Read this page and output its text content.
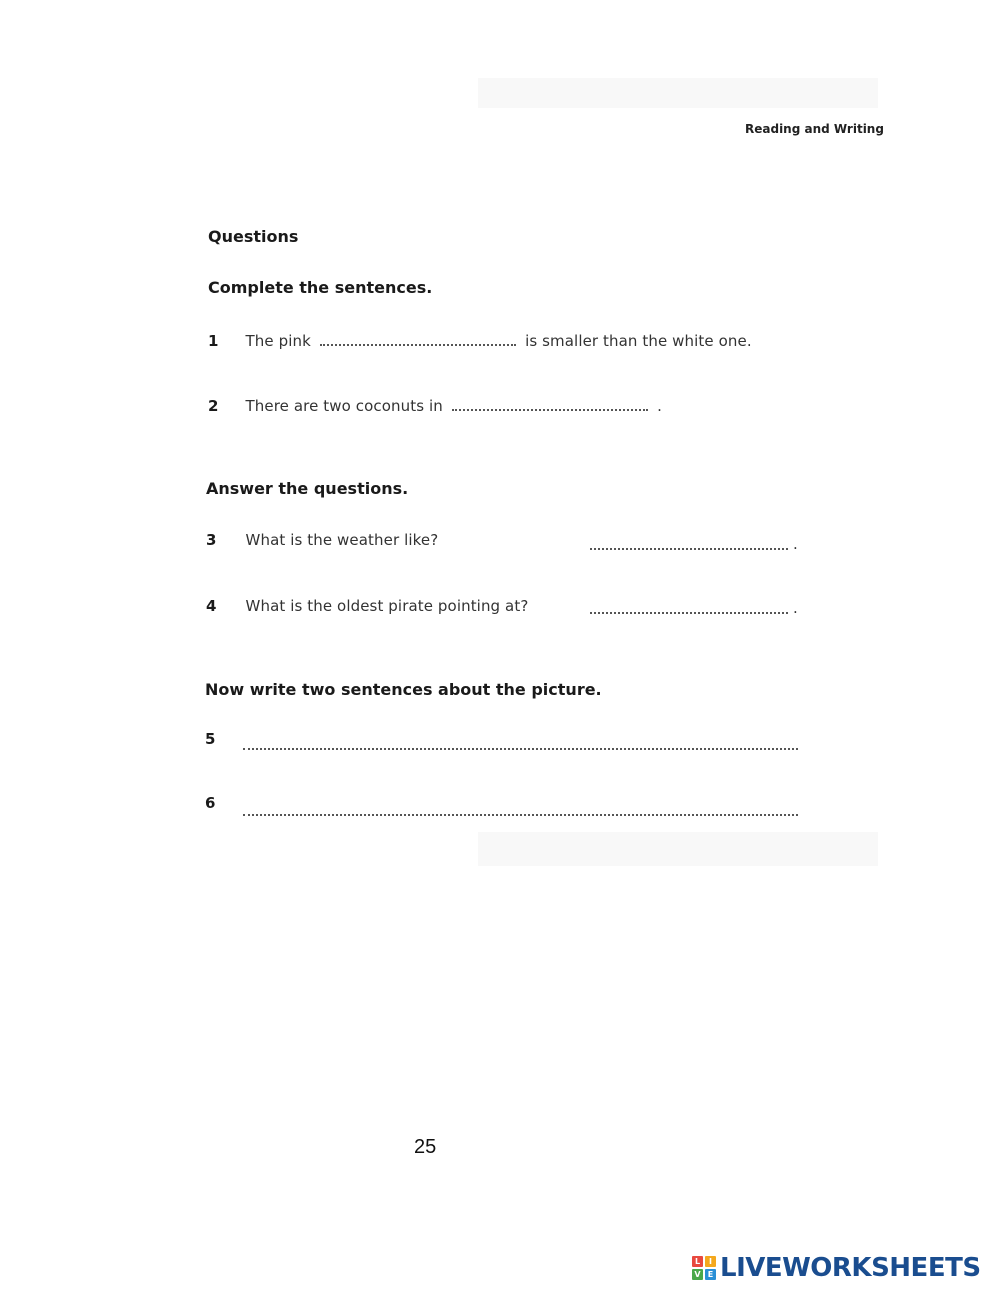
Reading and Writing
Questions
Complete the sentences.
1 The pink	is smaller than the white one.
2 There are two coconuts in	.
Answer the questions.
3 What is the weather like?	.
4 What is the oldest pirate pointing at?	.
Now write two sentences about the picture.
5
6
25
L	I
V E LIVEWORKSHEETS
